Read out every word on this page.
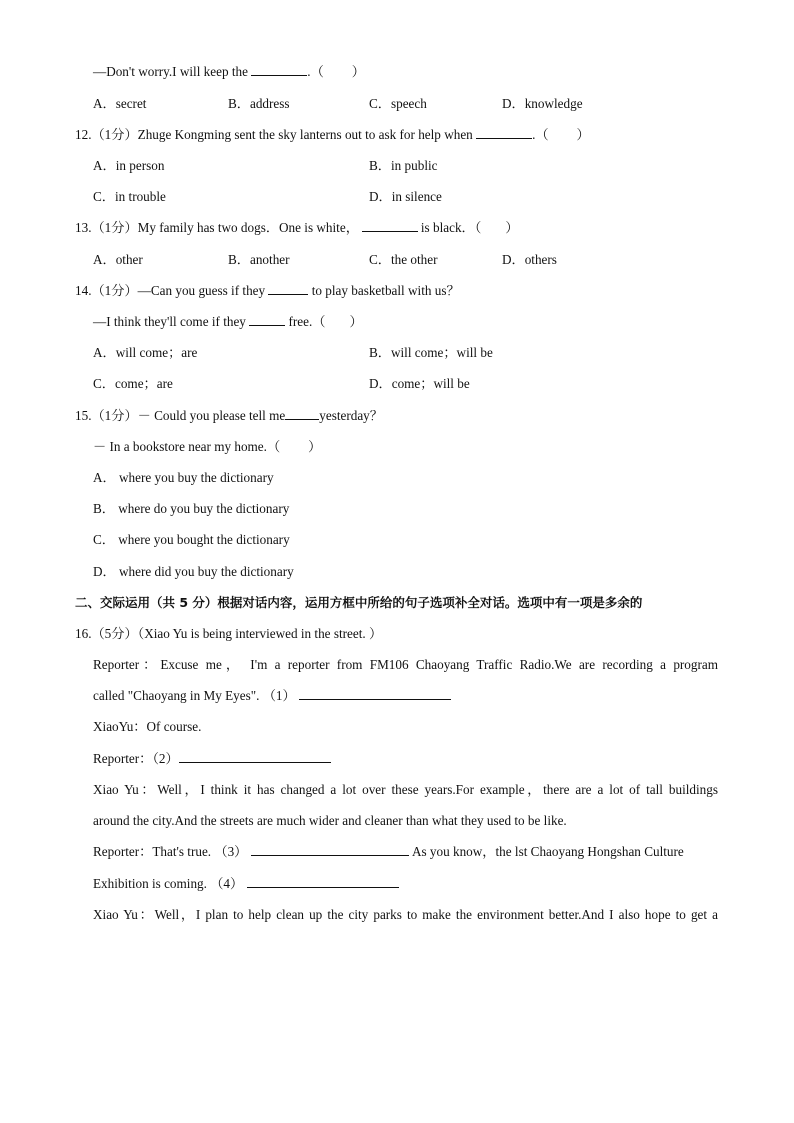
—Don't worry.I will keep the	.（ ）
A．secret	B．address	C．speech	D．knowledge
12.（1分）Zhuge Kongming sent the sky lanterns out to ask for help when	.（ ）
A．in person	B．in public
C．in trouble	D．in silence
13.（1分）My family has two dogs．One is white，	is black．（ ）
A．other	B．another	C．the other	D．others
14.（1分）—Can you guess if they	to play basketball with us？
—I think they'll come if they	free.（ ）
A．will come；are	B．will come；will be
C．come；are	D．come；will be
15.（1分）－ Could you please tell me	yesterday？
－ In a bookstore near my home.（ ）
A． where you buy the dictionary
B． where do you buy the dictionary
C． where you bought the dictionary
D． where did you buy the dictionary
二、交际运用（共 5 分）根据对话内容，运用方框中所给的句子选项补全对话。选项中有一项是多余的
16.（5分）（Xiao Yu is being interviewed in the street. ）
Reporter：Excuse me， I'm a reporter from FM106 Chaoyang Traffic Radio.We are recording a program
called "Chaoyang in My Eyes". （1）
XiaoYu：Of course.
Reporter：（2）
Xiao Yu：Well，I think it has changed a lot over these years.For example，there are a lot of tall buildings
around the city.And the streets are much wider and cleaner than what they used to be like.
Reporter：That's true. （3）	As you know，the lst Chaoyang Hongshan Culture
Exhibition is coming. （4）
Xiao Yu：Well，I plan to help clean up the city parks to make the environment better.And I also hope to get a
